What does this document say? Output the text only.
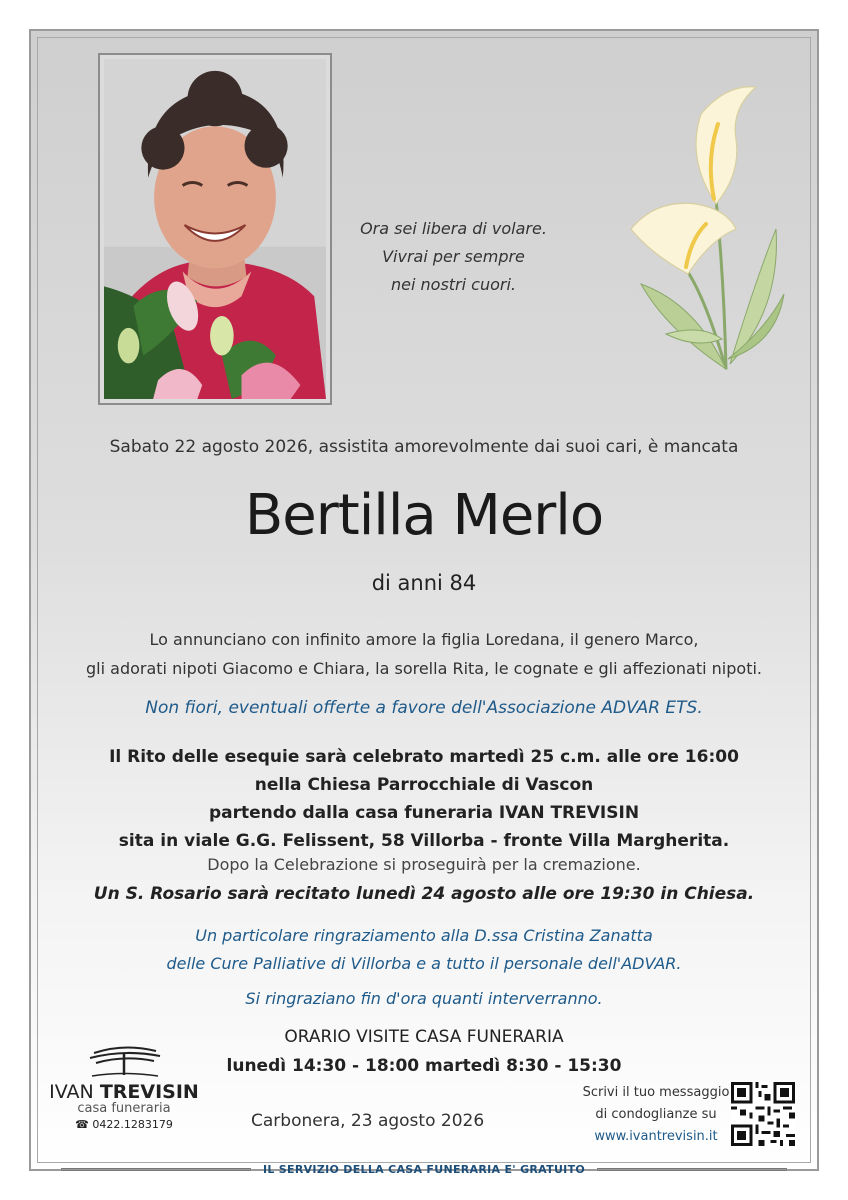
Ora sei libera di volare.
Vivrai per sempre
nei nostri cuori.
Sabato 22 agosto 2026, assistita amorevolmente dai suoi cari, è mancata
Bertilla Merlo
di anni 84
Lo annunciano con infinito amore la figlia Loredana, il genero Marco,
gli adorati nipoti Giacomo e Chiara, la sorella Rita, le cognate e gli affezionati nipoti.
Non fiori, eventuali offerte a favore dell'Associazione ADVAR ETS.
Il Rito delle esequie sarà celebrato martedì 25 c.m. alle ore 16:00
nella Chiesa Parrocchiale di Vascon
partendo dalla casa funeraria IVAN TREVISIN
sita in viale G.G. Felissent, 58 Villorba - fronte Villa Margherita.
Dopo la Celebrazione si proseguirà per la cremazione.
Un S. Rosario sarà recitato lunedì 24 agosto alle ore 19:30 in Chiesa.
Un particolare ringraziamento alla D.ssa Cristina Zanatta
delle Cure Palliative di Villorba e a tutto il personale dell'ADVAR.
Si ringraziano fin d'ora quanti interverranno.
ORARIO VISITE CASA FUNERARIA
lunedì 14:30 - 18:00 martedì 8:30 - 15:30
IVAN TREVISIN
casa funeraria
☎ 0422.1283179	Carbonera, 23 agosto 2026
Scrivi il tuo messaggio
di condoglianze su
www.ivantrevisin.it
IL SERVIZIO DELLA CASA FUNERARIA E' GRATUITO
